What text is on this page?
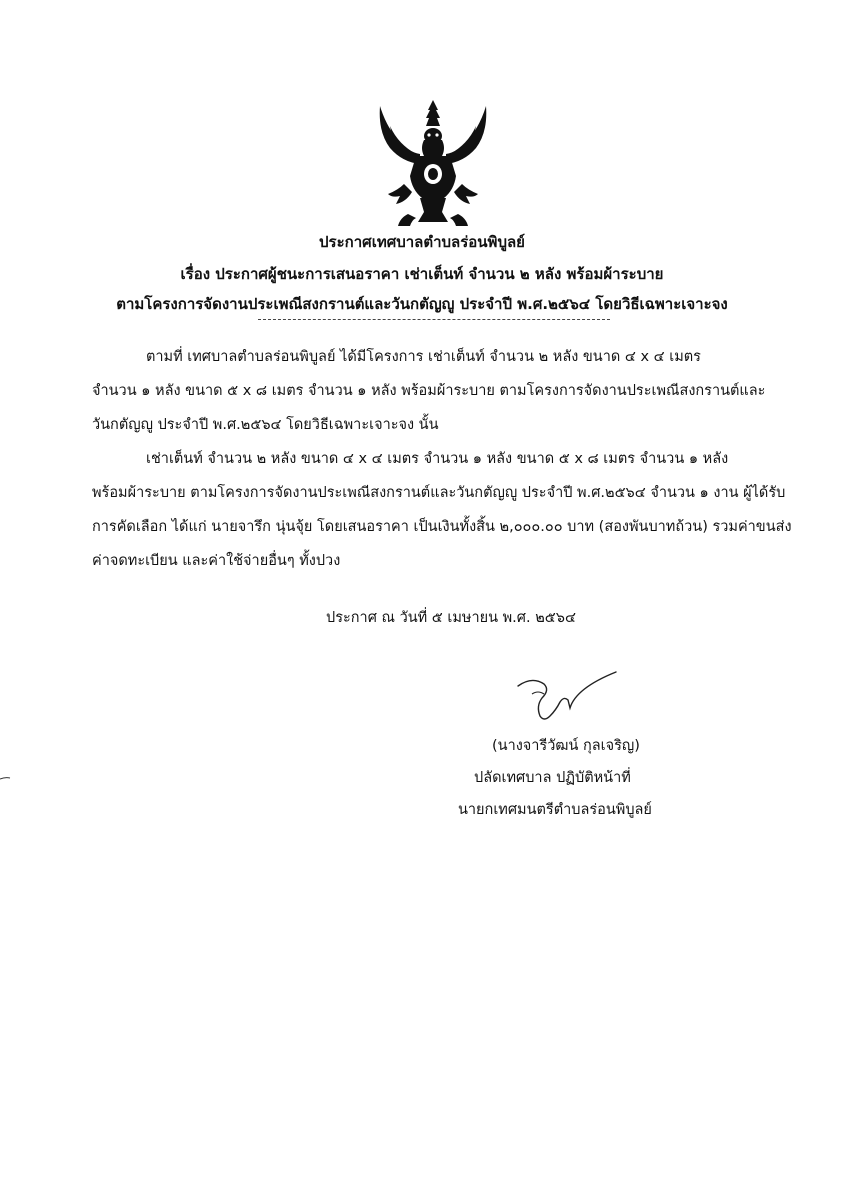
ประกาศเทศบาลตำบลร่อนพิบูลย์
เรื่อง ประกาศผู้ชนะการเสนอราคา เช่าเต็นท์ จำนวน ๒ หลัง พร้อมผ้าระบาย
ตามโครงการจัดงานประเพณีสงกรานต์และวันกตัญญู ประจำปี พ.ศ.๒๕๖๔ โดยวิธีเฉพาะเจาะจง
ตามที่ เทศบาลตำบลร่อนพิบูลย์ ได้มีโครงการ เช่าเต็นท์ จำนวน ๒ หลัง ขนาด ๔ x ๔ เมตร
จำนวน ๑ หลัง ขนาด ๕ x ๘ เมตร จำนวน ๑ หลัง พร้อมผ้าระบาย ตามโครงการจัดงานประเพณีสงกรานต์และ
วันกตัญญู ประจำปี พ.ศ.๒๕๖๔ โดยวิธีเฉพาะเจาะจง นั้น
เช่าเต็นท์ จำนวน ๒ หลัง ขนาด ๔ x ๔ เมตร จำนวน ๑ หลัง ขนาด ๕ x ๘ เมตร จำนวน ๑ หลัง
พร้อมผ้าระบาย ตามโครงการจัดงานประเพณีสงกรานต์และวันกตัญญู ประจำปี พ.ศ.๒๕๖๔ จำนวน ๑ งาน ผู้ได้รับ
การคัดเลือก ได้แก่ นายจารึก นุ่นจุ้ย โดยเสนอราคา เป็นเงินทั้งสิ้น ๒,๐๐๐.๐๐ บาท (สองพันบาทถ้วน) รวมค่าขนส่ง
ค่าจดทะเบียน และค่าใช้จ่ายอื่นๆ ทั้งปวง
ประกาศ ณ วันที่ ๕ เมษายน พ.ศ. ๒๕๖๔
(นางจารีวัฒน์ กุลเจริญ)
ปลัดเทศบาล ปฏิบัติหน้าที่
นายกเทศมนตรีตำบลร่อนพิบูลย์
